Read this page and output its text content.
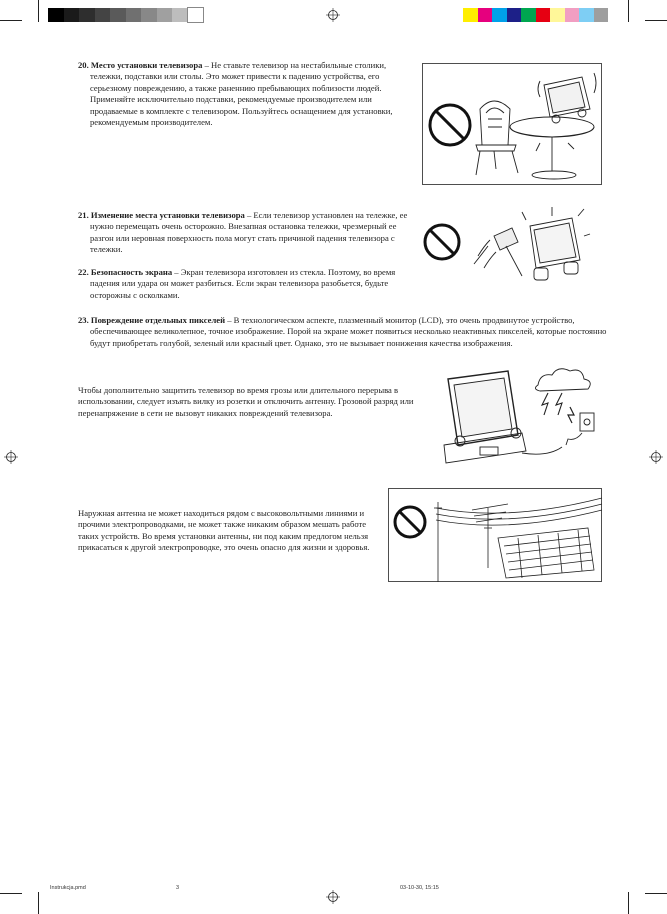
20. Место установки телевизора – Не ставьте телевизор на нестабильные столики, тележки, подставки или столы. Это может привести к падению устройства, его серьезному повреждению, а также раненнию пребывающих поблизости людей. Применяйте исключительно подставки, рекомендуемые производителем или продаваемые в комплекте с телевизором. Пользуйтесь оснащением для установки, рекомендуемым производителем.
21. Изменение места установки телевизора – Если телевизор установлен на тележке, ее нужно перемещать очень осторожно. Внезапная остановка тележки, чрезмерный ее разгон или неровная поверхность пола могут стать причиной падения телевизора с тележки.
22. Безопасность экрана – Экран телевизора изготовлен из стекла. Поэтому, во время падения или удара он может разбиться. Если экран телевизора разобьется, будьте осторожны с осколками.
23. Повреждение отдельных пикселей – В технологическом аспекте, плазменный монитор (LCD), это очень продвинутое устройство, обеспечивающее великолепное, точное изображение. Порой на экране может появиться несколько неактивных пикселей, которые постоянно будут приобретать голубой, зеленый или красный цвет. Однако, это не вызывает понижения качества изображения.
Чтобы дополнительно защитить телевизор во время грозы или длительного перерыва в использовании, следует изъять вилку из розетки и отключить антенну. Грозовой разряд или перенапряжение в сети не вызовут никаких повреждений телевизора.
Наружная антенна не может находиться рядом с высоковольтными линиями и прочими электропроводками, не может также никаким образом мешать работе таких устройств. Во время установки антенны, ни под каким предлогом нельзя прикасаться к другой электропроводке, это очень опасно для жизни и здоровья.
Instrukcja.pmd	3	03-10-30, 15:15
